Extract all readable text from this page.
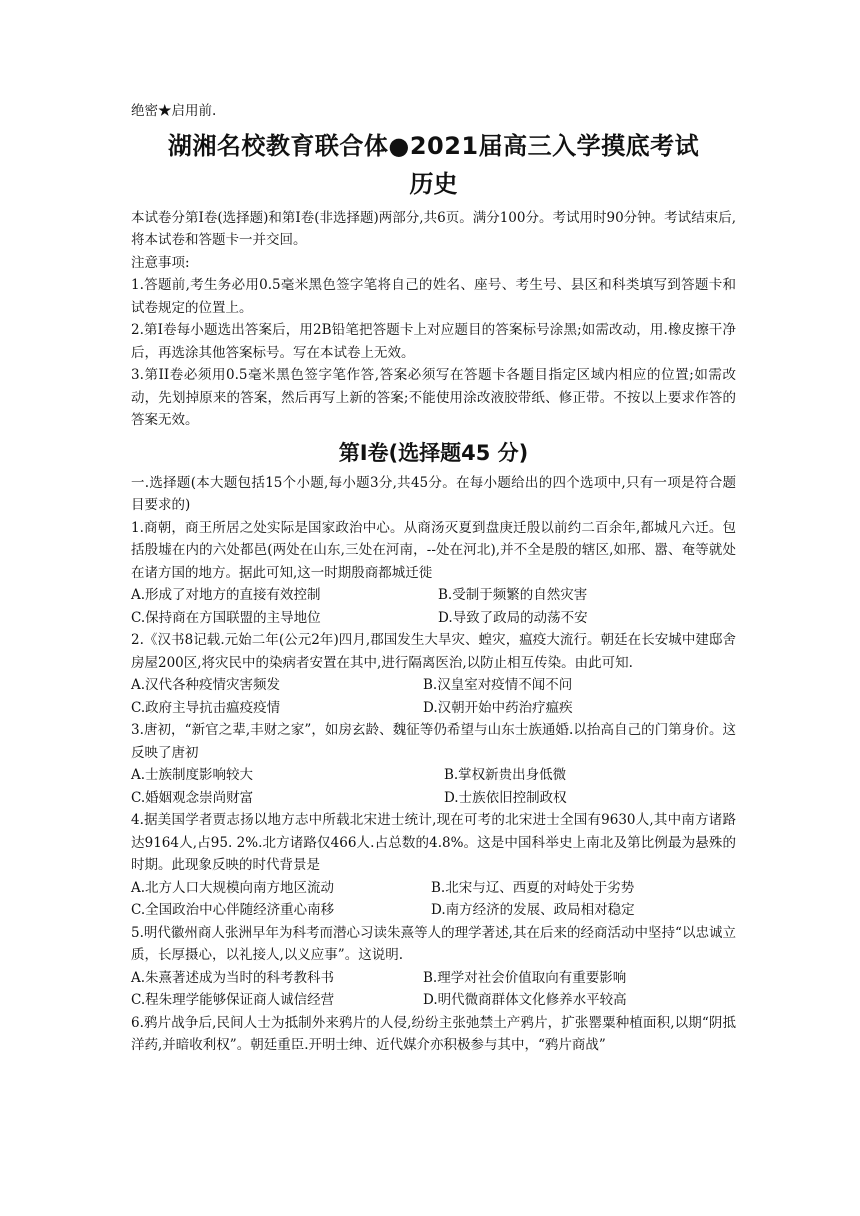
绝密★启用前.

湖湘名校教育联合体●2021届高三入学摸底考试
历史

本试卷分第I卷(选择题)和第I卷(非选择题)两部分,共6页。满分100分。考试用时90分钟。考试结束后,将本试卷和答题卡一并交回。

注意事项:

1.答题前,考生务必用0.5毫米黑色签字笔将自己的姓名、座号、考生号、县区和科类填写到答题卡和试卷规定的位置上。

2.第I卷每小题选出答案后，用2B铅笔把答题卡上对应题目的答案标号涂黑;如需改动，用.橡皮擦干净后，再选涂其他答案标号。写在本试卷上无效。

3.第II卷必须用0.5毫米黑色签字笔作答,答案必须写在答题卡各题目指定区域内相应的位置;如需改动，先划掉原来的答案，然后再写上新的答案;不能使用涂改液胶带纸、修正带。不按以上要求作答的答案无效。

第I卷(选择题45 分)

一.选择题(本大题包括15个小题,每小题3分,共45分。在每小题给出的四个选项中,只有一项是符合题目要求的)

1.商朝，商王所居之处实际是国家政治中心。从商汤灭夏到盘庚迁殷以前约二百余年,都城凡六迁。包括殷墟在内的六处都邑(两处在山东,三处在河南，--处在河北),并不全是殷的辖区,如邢、嚣、奄等就处在诸方国的地方。据此可知,这一时期殷商都城迁徙

A.形成了对地方的直接有效控制	B.受制于频繁的自然灾害
C.保持商在方国联盟的主导地位	D.导致了政局的动荡不安

2.《汉书8记载.元始二年(公元2年)四月,郡国发生大旱灾、蝗灾，瘟疫大流行。朝廷在长安城中建邸舍房屋200区,将灾民中的染病者安置在其中,进行隔离医治,以防止相互传染。由此可知.

A.汉代各种疫情灾害频发	B.汉皇室对疫情不闻不问
C.政府主导抗击瘟疫疫情	D.汉朝开始中药治疗瘟疾

3.唐初，“新官之辈,丰财之家”，如房玄龄、魏征等仍希望与山东士族通婚.以抬高自己的门第身价。这反映了唐初

A.士族制度影响较大	B.掌权新贵出身低微
C.婚姻观念崇尚财富	D.士族依旧控制政权

4.据美国学者贾志扬以地方志中所载北宋进士统计,现在可考的北宋进士全国有9630人,其中南方诸路达9164人,占95. 2%.北方诸路仅466人.占总数的4.8%。这是中国科举史上南北及第比例最为悬殊的时期。此现象反映的时代背景是

A.北方人口大规模向南方地区流动	B.北宋与辽、西夏的对峙处于劣势
C.全国政治中心伴随经济重心南移	D.南方经济的发展、政局相对稳定

5.明代徽州商人张洲早年为科考而潜心习读朱熹等人的理学著述,其在后来的经商活动中坚持“以忠诚立质，长厚摄心，以礼接人,以义应事”。这说明.

A.朱熹著述成为当时的科考教科书	B.理学对社会价值取向有重要影响
C.程朱理学能够保证商人诚信经营	D.明代微商群体文化修养水平较高

6.鸦片战争后,民间人士为抵制外来鸦片的人侵,纷纷主张弛禁土产鸦片，扩张罂粟种植面积,以期“阴抵洋药,并暗收利权”。朝廷重臣.开明士绅、近代媒介亦积极参与其中，“鸦片商战”
